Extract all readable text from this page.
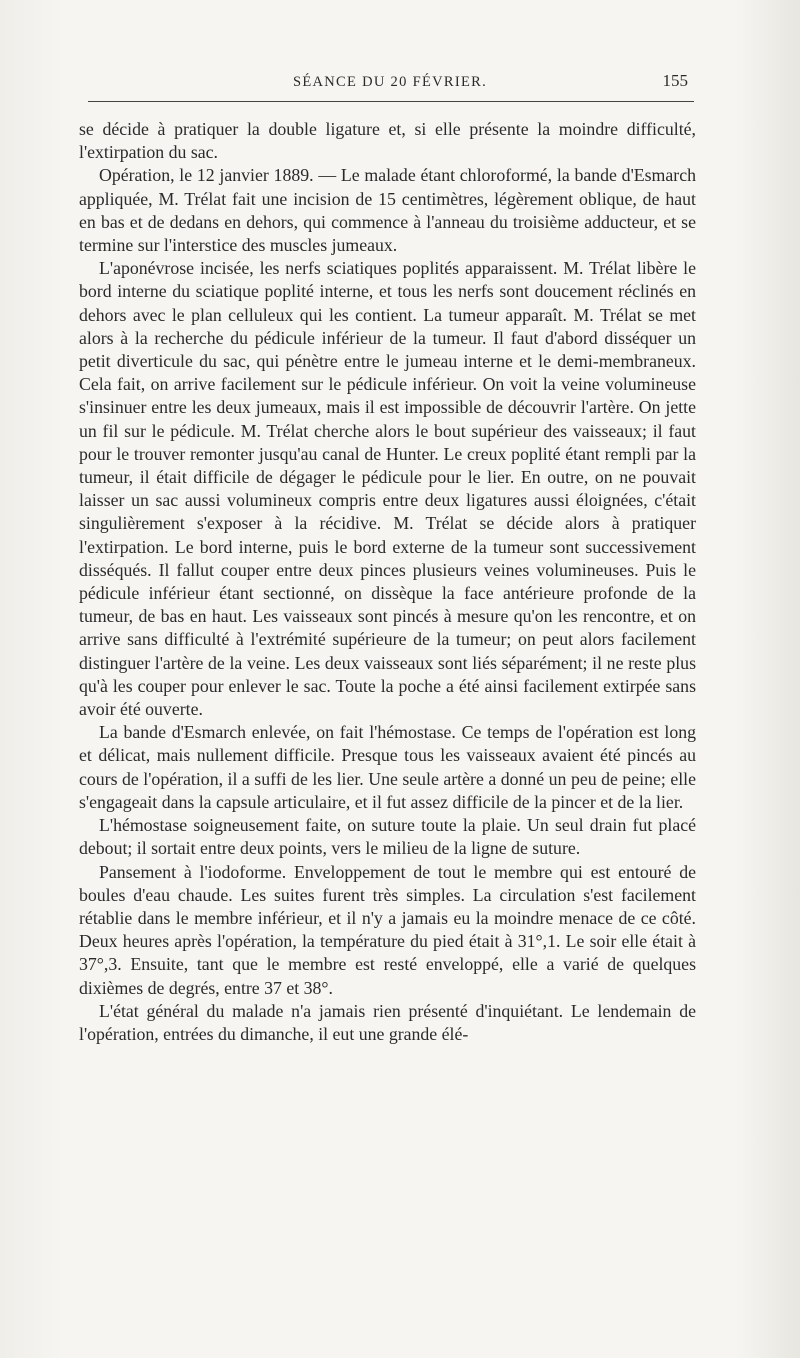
SÉANCE DU 20 FÉVRIER.	155

se décide à pratiquer la double ligature et, si elle présente la moindre difficulté, l'extirpation du sac.

Opération, le 12 janvier 1889. — Le malade étant chloroformé, la bande d'Esmarch appliquée, M. Trélat fait une incision de 15 centimètres, légèrement oblique, de haut en bas et de dedans en dehors, qui commence à l'anneau du troisième adducteur, et se termine sur l'interstice des muscles jumeaux.

L'aponévrose incisée, les nerfs sciatiques poplités apparaissent. M. Trélat libère le bord interne du sciatique poplité interne, et tous les nerfs sont doucement réclinés en dehors avec le plan celluleux qui les contient. La tumeur apparaît. M. Trélat se met alors à la recherche du pédicule inférieur de la tumeur. Il faut d'abord disséquer un petit diverticule du sac, qui pénètre entre le jumeau interne et le demi-membraneux. Cela fait, on arrive facilement sur le pédicule inférieur. On voit la veine volumineuse s'insinuer entre les deux jumeaux, mais il est impossible de découvrir l'artère. On jette un fil sur le pédicule. M. Trélat cherche alors le bout supérieur des vaisseaux; il faut pour le trouver remonter jusqu'au canal de Hunter. Le creux poplité étant rempli par la tumeur, il était difficile de dégager le pédicule pour le lier. En outre, on ne pouvait laisser un sac aussi volumineux compris entre deux ligatures aussi éloignées, c'était singulièrement s'exposer à la récidive. M. Trélat se décide alors à pratiquer l'extirpation. Le bord interne, puis le bord externe de la tumeur sont successivement disséqués. Il fallut couper entre deux pinces plusieurs veines volumineuses. Puis le pédicule inférieur étant sectionné, on dissèque la face antérieure profonde de la tumeur, de bas en haut. Les vaisseaux sont pincés à mesure qu'on les rencontre, et on arrive sans difficulté à l'extrémité supérieure de la tumeur; on peut alors facilement distinguer l'artère de la veine. Les deux vaisseaux sont liés séparément; il ne reste plus qu'à les couper pour enlever le sac. Toute la poche a été ainsi facilement extirpée sans avoir été ouverte.

La bande d'Esmarch enlevée, on fait l'hémostase. Ce temps de l'opération est long et délicat, mais nullement difficile. Presque tous les vaisseaux avaient été pincés au cours de l'opération, il a suffi de les lier. Une seule artère a donné un peu de peine; elle s'engageait dans la capsule articulaire, et il fut assez difficile de la pincer et de la lier.

L'hémostase soigneusement faite, on suture toute la plaie. Un seul drain fut placé debout; il sortait entre deux points, vers le milieu de la ligne de suture.

Pansement à l'iodoforme. Enveloppement de tout le membre qui est entouré de boules d'eau chaude. Les suites furent très simples. La circulation s'est facilement rétablie dans le membre inférieur, et il n'y a jamais eu la moindre menace de ce côté. Deux heures après l'opération, la température du pied était à 31°,1. Le soir elle était à 37°,3. Ensuite, tant que le membre est resté enveloppé, elle a varié de quelques dixièmes de degrés, entre 37 et 38°.

L'état général du malade n'a jamais rien présenté d'inquiétant. Le lendemain de l'opération, entrées du dimanche, il eut une grande élé-
